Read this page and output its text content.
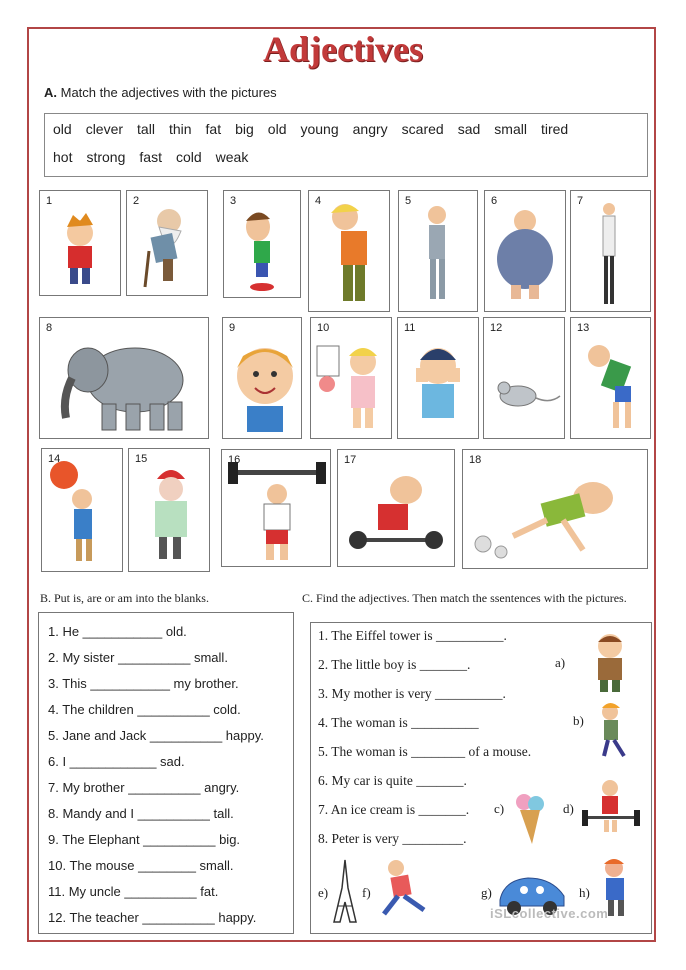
Adjectives
A. Match the adjectives with the pictures
old clever tall thin fat big old young angry scared sad small tired
hot strong fast cold weak
1	2	3	4	5	6	7
8	9	10	11	12	13
14	15	16	17	18
B. Put is, are or am into the blanks.
1. He ___________ old.
2. My sister __________ small.
3. This ___________ my brother.
4. The children __________ cold.
5. Jane and Jack __________ happy.
6. I ____________ sad.
7. My brother __________ angry.
8. Mandy and I __________ tall.
9. The Elephant __________ big.
10. The mouse ________ small.
11. My uncle __________ fat.
12. The teacher __________ happy.
C. Find the adjectives. Then match the ssentences with the pictures.
1. The Eiffel tower is __________.
2. The little boy is _______.
3. My mother is very __________.
4. The woman is __________
5. The woman is ________ of a mouse.
6. My car is quite _______.
7. An ice cream is _______.
8. Peter is very _________.
a)
b)
c)	d)
e)	f)	g)	h)
iSLcollective.com
